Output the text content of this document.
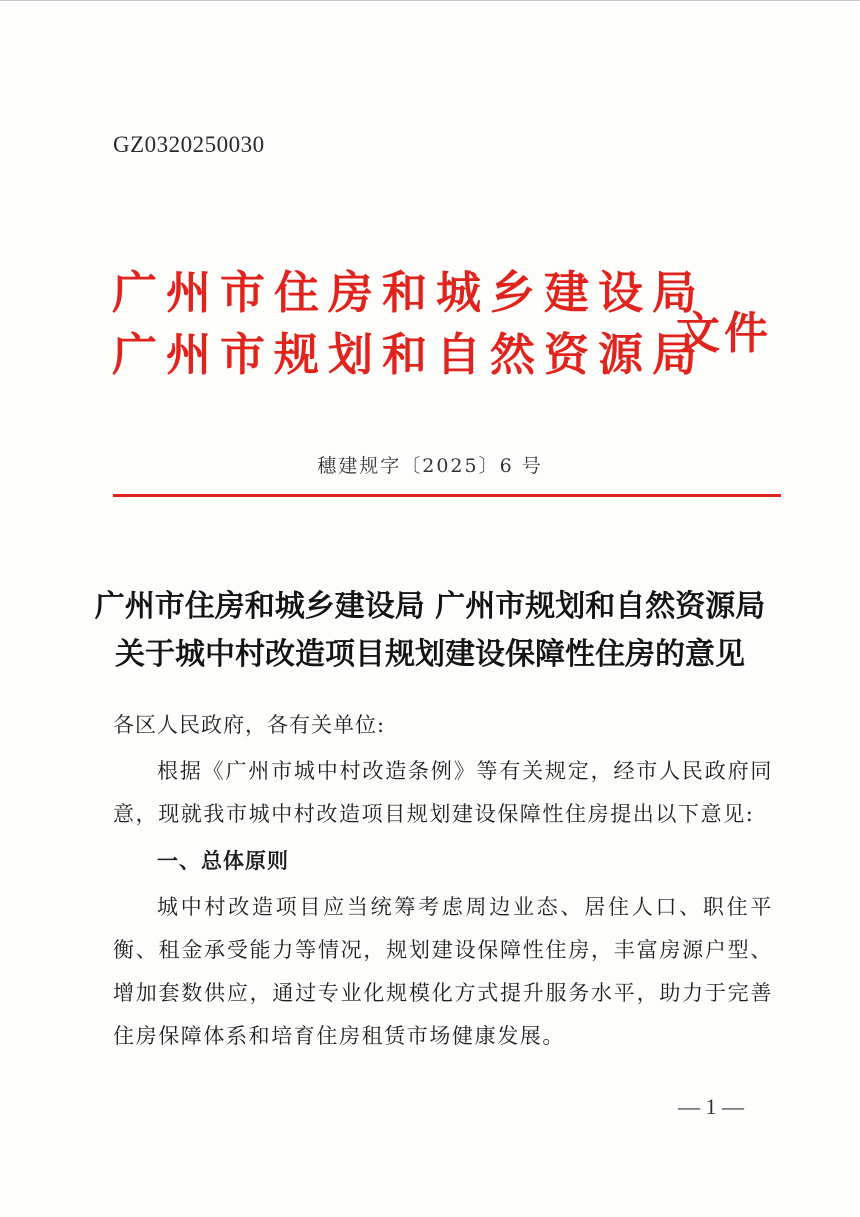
GZ0320250030
广州市住房和城乡建设局
广州市规划和自然资源局
文件
穗建规字〔2025〕6 号
广州市住房和城乡建设局 广州市规划和自然资源局
关于城中村改造项目规划建设保障性住房的意见

各区人民政府，各有关单位:

根据《广州市城中村改造条例》等有关规定，经市人民政府同意，现就我市城中村改造项目规划建设保障性住房提出以下意见:

一、总体原则

城中村改造项目应当统筹考虑周边业态、居住人口、职住平衡、租金承受能力等情况，规划建设保障性住房，丰富房源户型、增加套数供应，通过专业化规模化方式提升服务水平，助力于完善住房保障体系和培育住房租赁市场健康发展。

— 1 —
